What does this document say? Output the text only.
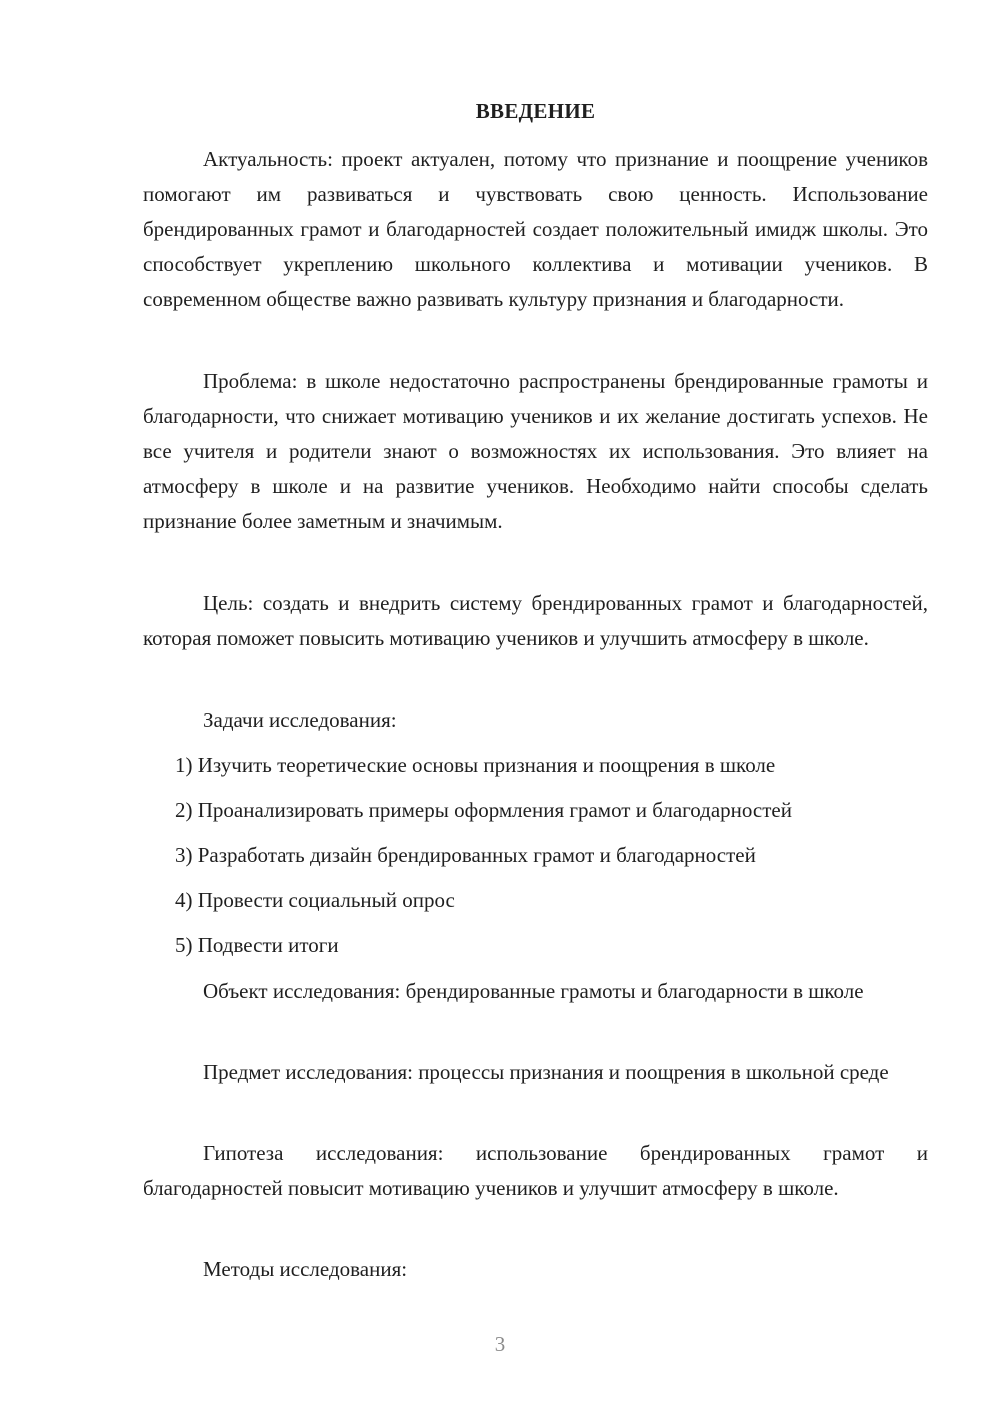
ВВЕДЕНИЕ

Актуальность: проект актуален, потому что признание и поощрение учеников помогают им развиваться и чувствовать свою ценность. Использование брендированных грамот и благодарностей создает положительный имидж школы. Это способствует укреплению школьного коллектива и мотивации учеников. В современном обществе важно развивать культуру признания и благодарности.

Проблема: в школе недостаточно распространены брендированные грамоты и благодарности, что снижает мотивацию учеников и их желание достигать успехов. Не все учителя и родители знают о возможностях их использования. Это влияет на атмосферу в школе и на развитие учеников. Необходимо найти способы сделать признание более заметным и значимым.

Цель: создать и внедрить систему брендированных грамот и благодарностей, которая поможет повысить мотивацию учеников и улучшить атмосферу в школе.

Задачи исследования:

1) Изучить теоретические основы признания и поощрения в школе
2) Проанализировать примеры оформления грамот и благодарностей
3) Разработать дизайн брендированных грамот и благодарностей
4) Провести социальный опрос
5) Подвести итоги

Объект исследования: брендированные грамоты и благодарности в школе

Предмет исследования: процессы признания и поощрения в школьной среде

Гипотеза исследования: использование брендированных грамот и благодарностей повысит мотивацию учеников и улучшит атмосферу в школе.

Методы исследования:

3
